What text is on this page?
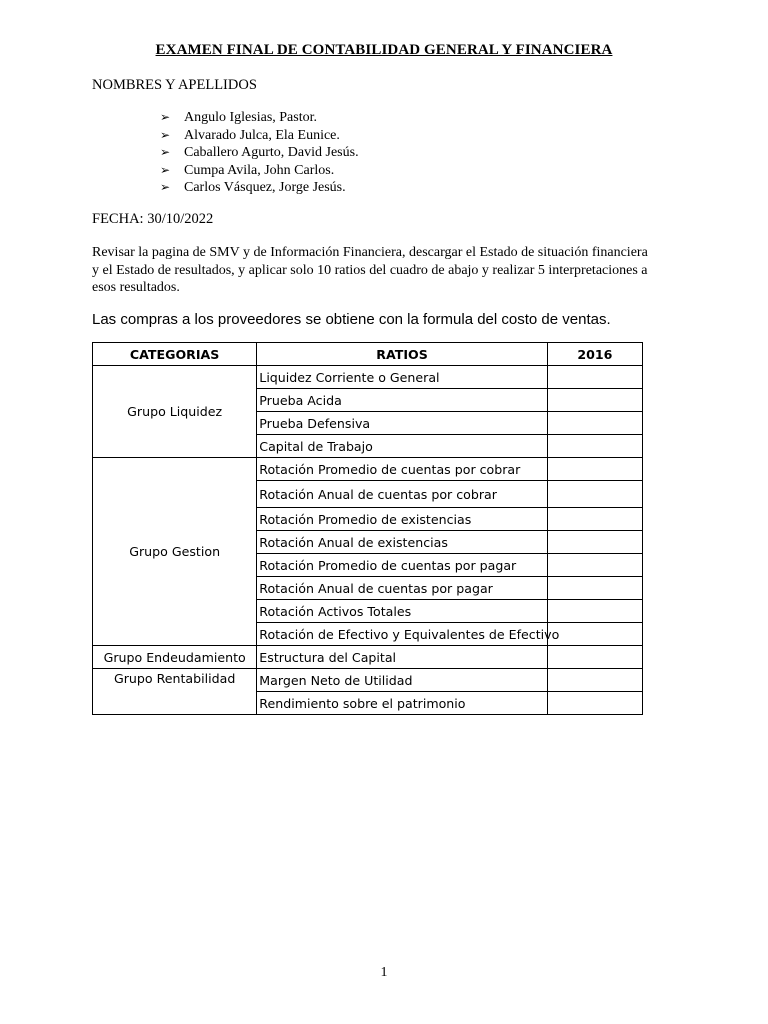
EXAMEN FINAL DE CONTABILIDAD GENERAL Y FINANCIERA
NOMBRES Y APELLIDOS
➢ Angulo Iglesias, Pastor.
➢ Alvarado Julca, Ela Eunice.
➢ Caballero Agurto, David Jesús.
➢ Cumpa Avila, John Carlos.
➢ Carlos Vásquez, Jorge Jesús.
FECHA: 30/10/2022
Revisar la pagina de SMV y de Información Financiera, descargar el Estado de situación financiera y el Estado de resultados, y aplicar solo 10 ratios del cuadro de abajo y realizar 5 interpretaciones a esos resultados.
Las compras a los proveedores se obtiene con la formula del costo de ventas.
CATEGORIAS	RATIOS	2016
Grupo Liquidez	Liquidez Corriente o General	
	Prueba Acida	
	Prueba Defensiva	
	Capital de Trabajo	
Grupo Gestion	Rotación Promedio de cuentas por cobrar	
	Rotación Anual de cuentas por cobrar	
	Rotación Promedio de existencias	
	Rotación Anual de existencias	
	Rotación Promedio de cuentas por pagar	
	Rotación Anual de cuentas por pagar	
	Rotación Activos Totales	
	Rotación de Efectivo y Equivalentes de Efectivo	
Grupo Endeudamiento	Estructura del Capital	
Grupo Rentabilidad	Margen Neto de Utilidad	
	Rendimiento sobre el patrimonio	
1
